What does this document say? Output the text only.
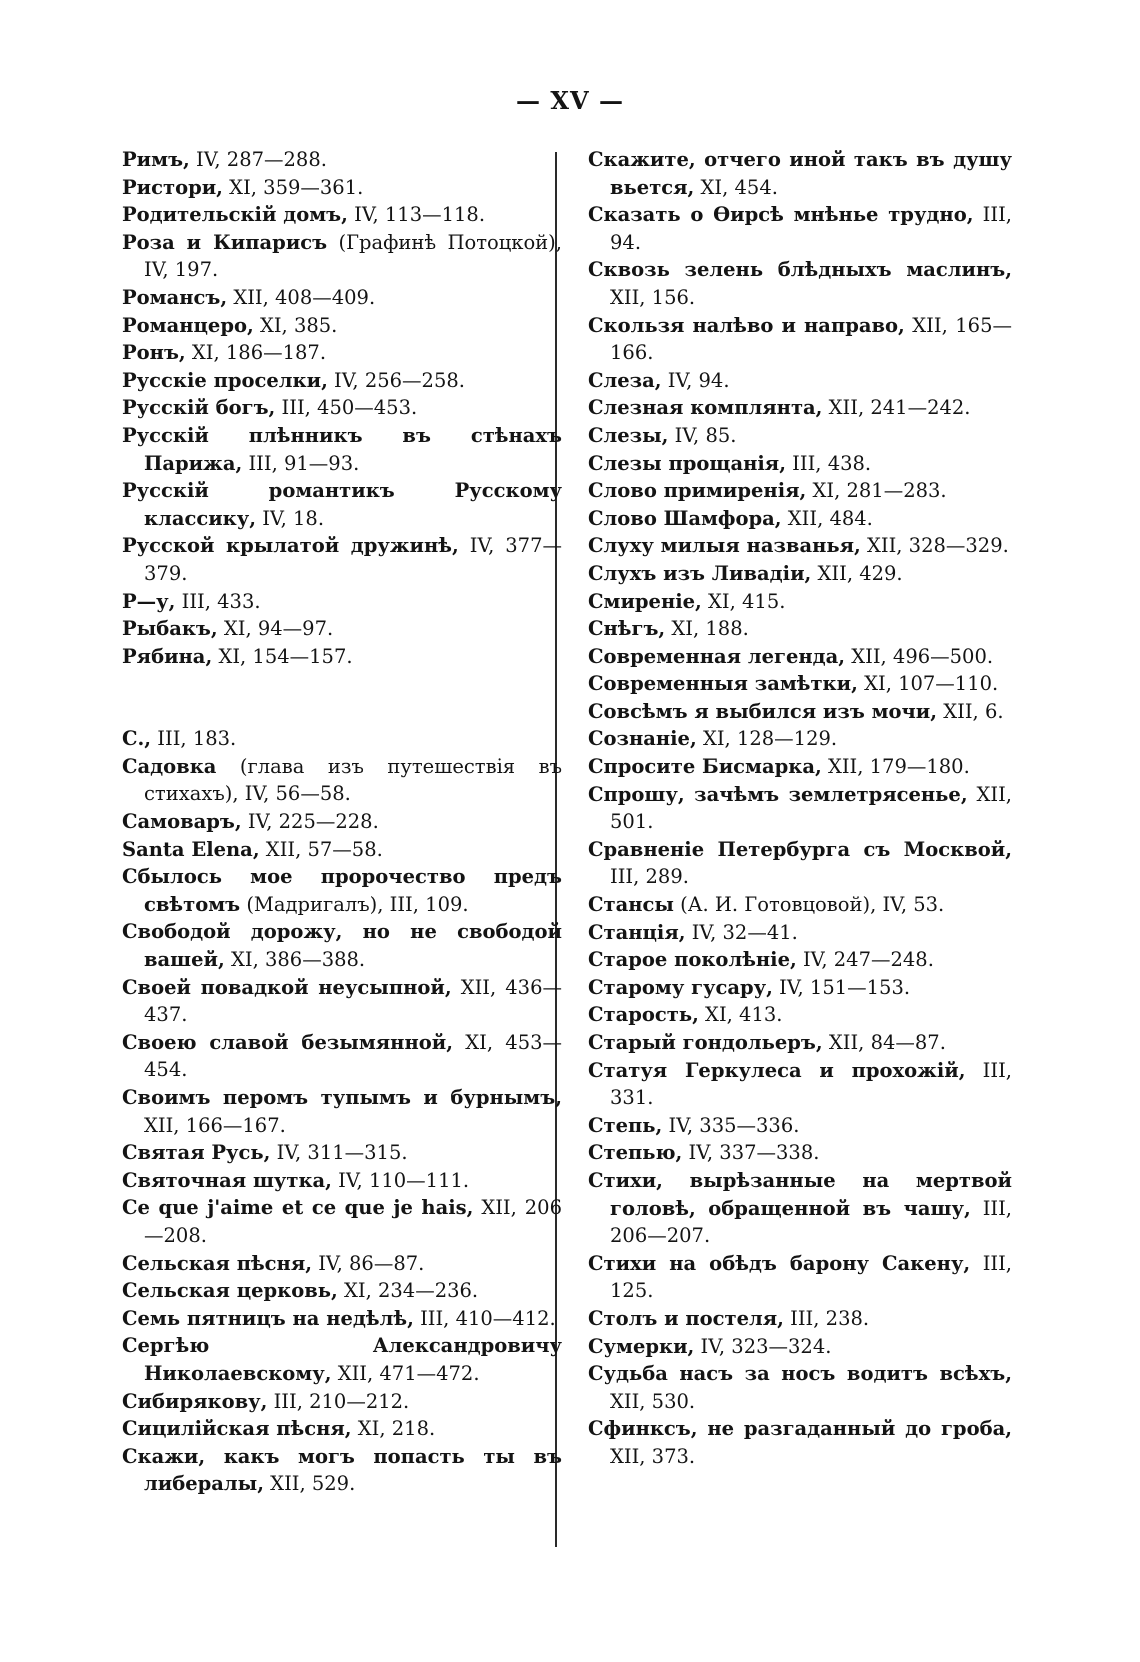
— XV —

Римъ, IV, 287—288.

Ристори, XI, 359—361.

Родительскій домъ, IV, 113—118.

Роза и Кипарисъ (Графинѣ Потоцкой), IV, 197.

Романсъ, XII, 408—409.

Романцеро, XI, 385.

Ронъ, XI, 186—187.

Русскіе проселки, IV, 256—258.

Русскій богъ, III, 450—453.

Русскій плѣнникъ въ стѣнахъ Парижа, III, 91—93.

Русскій романтикъ Русскому классику, IV, 18.

Русской крылатой дружинѣ, IV, 377—379.

Р—у, III, 433.

Рыбакъ, XI, 94—97.

Рябина, XI, 154—157.

С., III, 183.

Садовка (глава изъ путешествія въ стихахъ), IV, 56—58.

Самоваръ, IV, 225—228.

Santa Elena, XII, 57—58.

Сбылось мое пророчество предъ свѣтомъ (Мадригалъ), III, 109.

Свободой дорожу, но не свободой вашей, XI, 386—388.

Своей повадкой неусыпной, XII, 436—437.

Своею славой безымянной, XI, 453—454.

Своимъ перомъ тупымъ и бурнымъ, XII, 166—167.

Святая Русь, IV, 311—315.

Святочная шутка, IV, 110—111.

Ce que j'aime et ce que je hais, XII, 206—208.

Сельская пѣсня, IV, 86—87.

Сельская церковь, XI, 234—236.

Семь пятницъ на недѣлѣ, III, 410—412.

Сергѣю Александровичу Николаевскому, XII, 471—472.

Сибирякову, III, 210—212.

Сицилійская пѣсня, XI, 218.

Скажи, какъ могъ попасть ты въ либералы, XII, 529.

Скажите, отчего иной такъ въ душу вьется, XI, 454.

Сказать о Ѳирсѣ мнѣнье трудно, III, 94.

Сквозь зелень блѣдныхъ маслинъ, XII, 156.

Скользя налѣво и направо, XII, 165—166.

Слеза, IV, 94.

Слезная комплянта, XII, 241—242.

Слезы, IV, 85.

Слезы прощанія, III, 438.

Слово примиренія, XI, 281—283.

Слово Шамфора, XII, 484.

Слуху милыя названья, XII, 328—329.

Слухъ изъ Ливадіи, XII, 429.

Смиреніе, XI, 415.

Снѣгъ, XI, 188.

Современная легенда, XII, 496—500.

Современныя замѣтки, XI, 107—110.

Совсѣмъ я выбился изъ мочи, XII, 6.

Сознаніе, XI, 128—129.

Спросите Бисмарка, XII, 179—180.

Спрошу, зачѣмъ землетрясенье, XII, 501.

Сравненіе Петербурга съ Москвой, III, 289.

Стансы (А. И. Готовцовой), IV, 53.

Станція, IV, 32—41.

Старое поколѣніе, IV, 247—248.

Старому гусару, IV, 151—153.

Старость, XI, 413.

Старый гондольеръ, XII, 84—87.

Статуя Геркулеса и прохожій, III, 331.

Степь, IV, 335—336.

Степью, IV, 337—338.

Стихи, вырѣзанные на мертвой головѣ, обращенной въ чашу, III, 206—207.

Стихи на обѣдъ барону Сакену, III, 125.

Столъ и постеля, III, 238.

Сумерки, IV, 323—324.

Судьба насъ за носъ водитъ всѣхъ, XII, 530.

Сфинксъ, не разгаданный до гроба, XII, 373.
